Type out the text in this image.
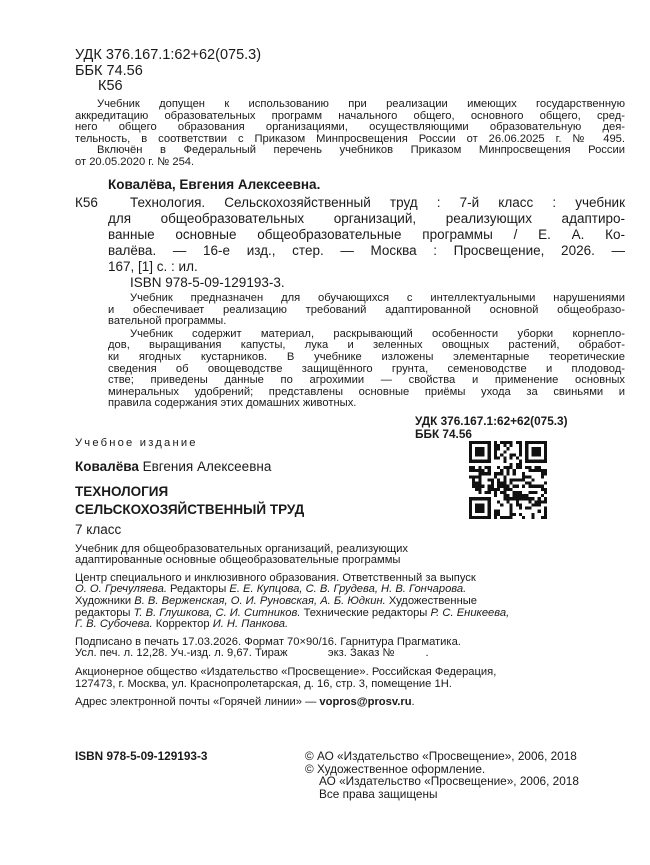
УДК 376.167.1:62+62(075.3)
ББК 74.56
К56
Учебник допущен к использованию при реализации имеющих государственную
аккредитацию образовательных программ начального общего, основного общего, сред-
него общего образования организациями, осуществляющими образовательную дея-
тельность, в соответствии с Приказом Минпросвещения России от 26.06.2025 г. № 495.
Включён в Федеральный перечень учебников Приказом Минпросвещения России
от 20.05.2020 г. № 254.
Ковалёва, Евгения Алексеевна.
К56	Технология. Сельскохозяйственный труд : 7-й класс : учебник
для общеобразовательных организаций, реализующих адаптиро-
ванные основные общеобразовательные программы / Е. А. Ко-
валёва. — 16-е изд., стер. — Москва : Просвещение, 2026. —
167, [1] с. : ил.
ISBN 978-5-09-129193-3.
Учебник предназначен для обучающихся с интеллектуальными нарушениями
и обеспечивает реализацию требований адаптированной основной общеобразо-
вательной программы.
Учебник содержит материал, раскрывающий особенности уборки корнепло-
дов, выращивания капусты, лука и зеленных овощных растений, обработ-
ки ягодных кустарников. В учебнике изложены элементарные теоретические
сведения об овощеводстве защищённого грунта, семеноводстве и плодовод-
стве; приведены данные по агрохимии — свойства и применение основных
минеральных удобрений; представлены основные приёмы ухода за свиньями и
правила содержания этих домашних животных.
УДК 376.167.1:62+62(075.3)
ББК 74.56
Учебное издание
Ковалёва Евгения Алексеевна
ТЕХНОЛОГИЯ
СЕЛЬСКОХОЗЯЙСТВЕННЫЙ ТРУД
7 класс
Учебник для общеобразовательных организаций, реализующих
адаптированные основные общеобразовательные программы
Центр специального и инклюзивного образования. Ответственный за выпуск
О. О. Гречуляева. Редакторы Е. Е. Купцова, С. В. Грудева, Н. В. Гончарова.
Художники В. В. Верженская, О. И. Руновская, А. Б. Юдкин. Художественные
редакторы Т. В. Глушкова, С. И. Ситников. Технические редакторы Р. С. Еникеева,
Г. В. Субочева. Корректор И. Н. Панкова.
Подписано в печать 17.03.2026. Формат 70×90/16. Гарнитура Прагматика.
Усл. печ. л. 12,28. Уч.-изд. л. 9,67. Тираж             экз. Заказ №          .
Акционерное общество «Издательство «Просвещение». Российская Федерация,
127473, г. Москва, ул. Краснопролетарская, д. 16, стр. 3, помещение 1Н.
Адрес электронной почты «Горячей линии» — vopros@prosv.ru.
ISBN 978-5-09-129193-3	© АО «Издательство «Просвещение», 2006, 2018
© Художественное оформление.
АО «Издательство «Просвещение», 2006, 2018
Все права защищены
